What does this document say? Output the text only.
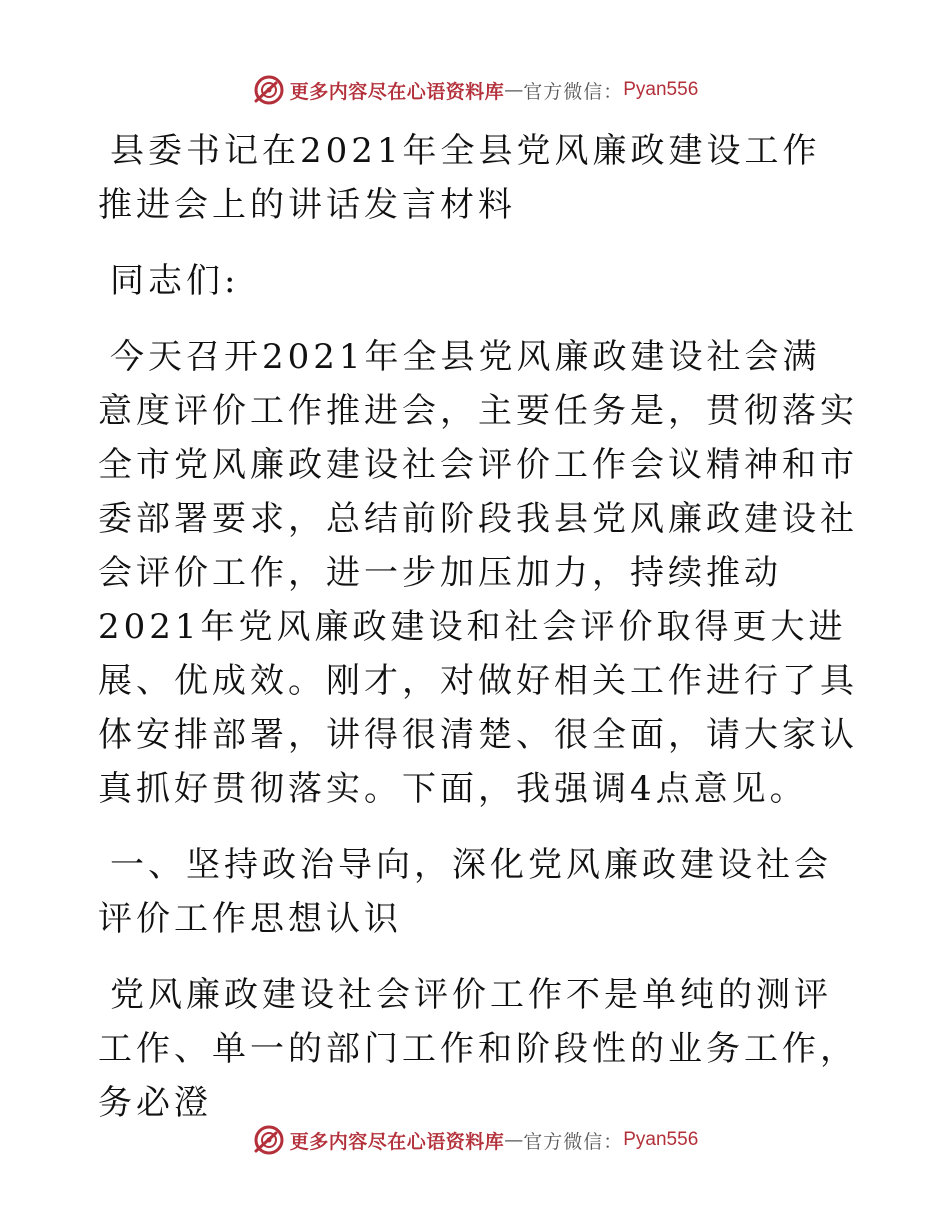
更多内容尽在心语资料库 — 官方微信： Pyan556

县委书记在2021年全县党风廉政建设工作推进会上的讲话发言材料

同志们:

今天召开2021年全县党风廉政建设社会满意度评价工作推进会，主要任务是，贯彻落实全市党风廉政建设社会评价工作会议精神和市委部署要求，总结前阶段我县党风廉政建设社会评价工作，进一步加压加力，持续推动2021年党风廉政建设和社会评价取得更大进展、优成效。刚才，对做好相关工作进行了具体安排部署，讲得很清楚、很全面，请大家认真抓好贯彻落实。下面，我强调4点意见。

一、坚持政治导向，深化党风廉政建设社会评价工作思想认识

党风廉政建设社会评价工作不是单纯的测评工作、单一的部门工作和阶段性的业务工作，务必澄

更多内容尽在心语资料库 — 官方微信： Pyan556
